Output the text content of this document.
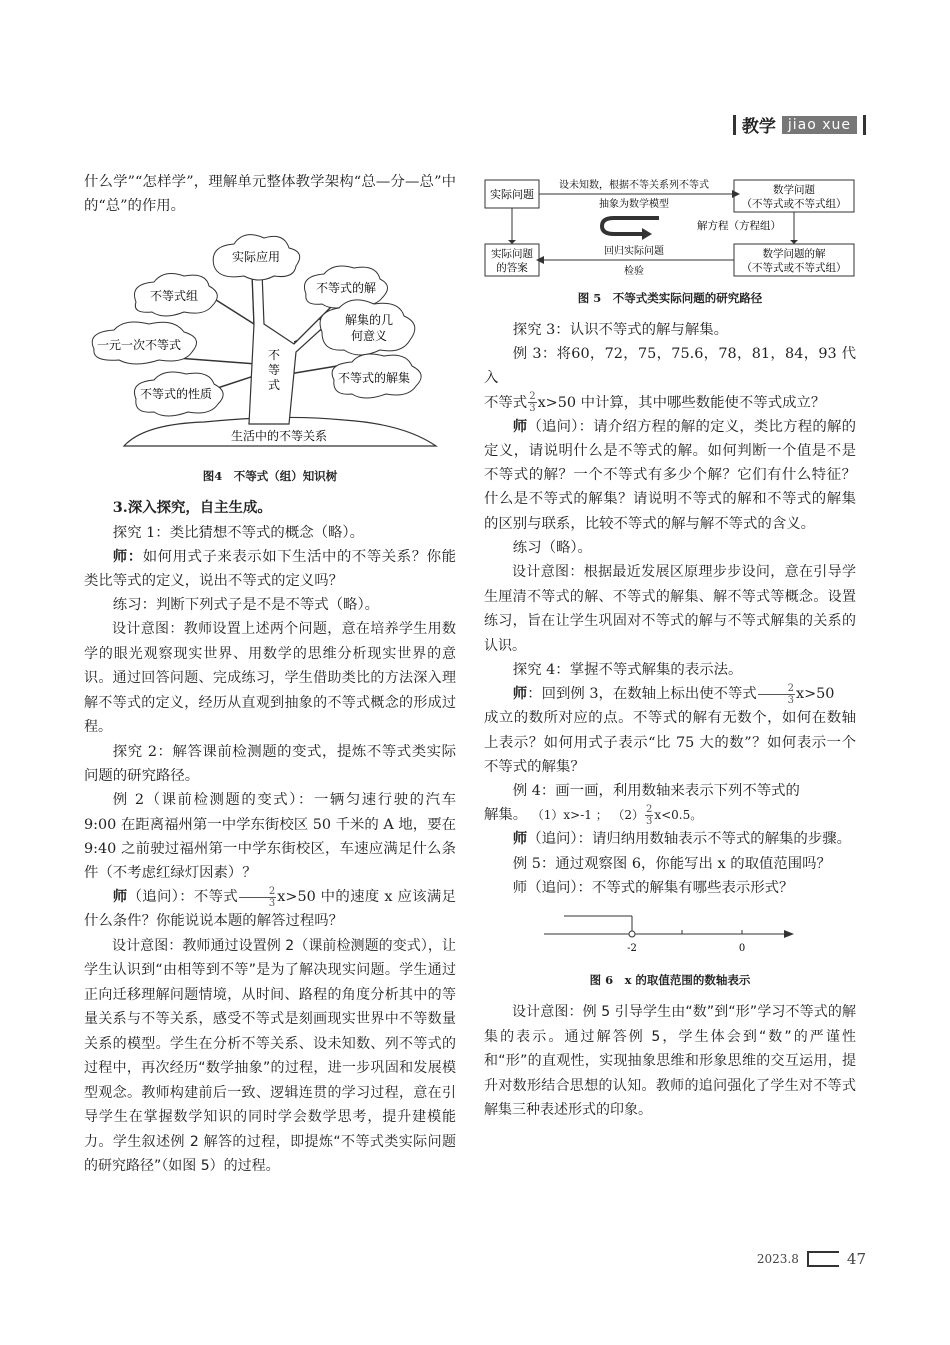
教学 jiao xue

什么学”“怎样学”，理解单元整体教学架构“总—分—总”中的“总”的作用。

实际应用
不等式组
不等式的解
一元一次不等式
解集的几
何意义
不等式的性质
不等式的解集
不
等
式
生活中的不等关系
图4　不等式（组）知识树

3.深入探究，自主生成。

探究 1：类比猜想不等式的概念（略）。

师：如何用式子来表示如下生活中的不等关系？你能类比等式的定义，说出不等式的定义吗？

练习：判断下列式子是不是不等式（略）。

设计意图：教师设置上述两个问题，意在培养学生用数学的眼光观察现实世界、用数学的思维分析现实世界的意识。通过回答问题、完成练习，学生借助类比的方法深入理解不等式的定义，经历从直观到抽象的不等式概念的形成过程。

探究 2：解答课前检测题的变式，提炼不等式类实际问题的研究路径。

例 2（课前检测题的变式）：一辆匀速行驶的汽车 9:00 在距离福州第一中学东街校区 50 千米的 A 地，要在 9:40 之前驶过福州第一中学东街校区，车速应满足什么条件（不考虑红绿灯因素）？

师（追问）：不等式 $\frac{2}{3} x>50$ 中的速度 x 应该满足什么条件？你能说说本题的解答过程吗？

设计意图：教师通过设置例 2（课前检测题的变式），让学生认识到“由相等到不等”是为了解决现实问题。学生通过正向迁移理解问题情境，从时间、路程的角度分析其中的等量关系与不等关系，感受不等式是刻画现实世界中不等数量关系的模型。学生在分析不等关系、设未知数、列不等式的过程中，再次经历“数学抽象”的过程，进一步巩固和发展模型观念。教师构建前后一致、逻辑连贯的学习过程，意在引导学生在掌握数学知识的同时学会数学思考，提升建模能力。学生叙述例 2 解答的过程，即提炼“不等式类实际问题的研究路径”（如图 5）的过程。

实际问题	数学问题
（不等式或不等式组）
实际问题
的答案
数学问题的解
（不等式或不等式组）
设未知数，根据不等关系列不等式
抽象为数学模型
解方程（方程组）
回归实际问题
检验
图 5　不等式类实际问题的研究路径

探究 3：认识不等式的解与解集。

例 3：将60，72，75，75.6，78，81，84，93 代入

不等式 $\frac{2}{3} x>50$ 中计算，其中哪些数能使不等式成立？

师（追问）：请介绍方程的解的定义，类比方程的解的定义，请说明什么是不等式的解。如何判断一个值是不是不等式的解？一个不等式有多少个解？它们有什么特征？什么是不等式的解集？请说明不等式的解和不等式的解集的区别与联系，比较不等式的解与解不等式的含义。

练习（略）。

设计意图：根据最近发展区原理步步设问，意在引导学生厘清不等式的解、不等式的解集、解不等式等概念。设置练习，旨在让学生巩固对不等式的解与不等式解集的关系的认识。

探究 4：掌握不等式解集的表示法。

师：回到例 3，在数轴上标出使不等式 $\frac{2}{3} x>50$

成立的数所对应的点。不等式的解有无数个，如何在数轴上表示？如何用式子表示“比 75 大的数”？如何表示一个不等式的解集？

例 4：画一画，利用数轴来表示下列不等式的

解集。 （1）x>-1 ； $(2) \frac{2}{3} x<0.5$。

师（追问）：请归纳用数轴表示不等式的解集的步骤。

例 5：通过观察图 6，你能写出 x 的取值范围吗？

师（追问）：不等式的解集有哪些表示形式？

-2	0
图 6　x 的取值范围的数轴表示

设计意图：例 5 引导学生由“数”到“形”学习不等式的解集的表示。通过解答例 5，学生体会到“数”的严谨性和“形”的直观性，实现抽象思维和形象思维的交互运用，提升对数形结合思想的认知。教师的追问强化了学生对不等式解集三种表述形式的印象。

2023.8	47
